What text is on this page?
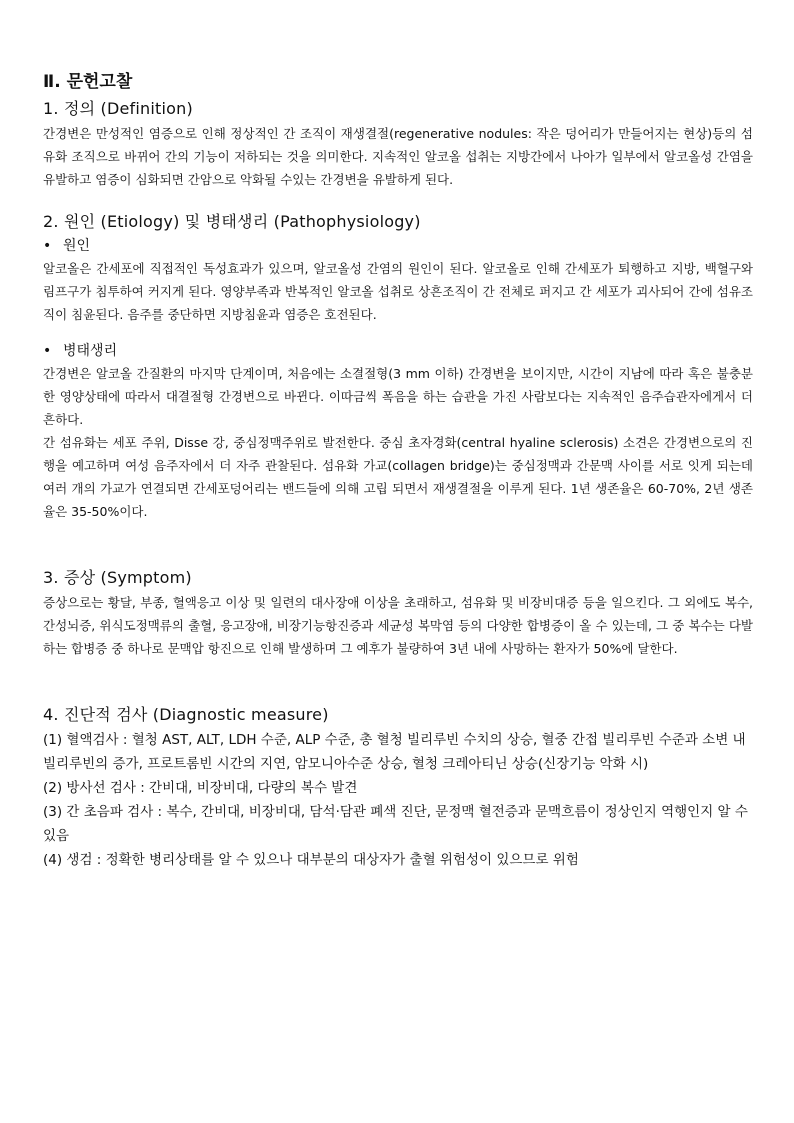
Ⅱ. 문헌고찰
1. 정의 (Definition)

간경변은 만성적인 염증으로 인해 정상적인 간 조직이 재생결절(regenerative nodules: 작은 덩어리가 만들어지는 현상)등의 섬유화 조직으로 바뀌어 간의 기능이 저하되는 것을 의미한다. 지속적인 알코올 섭취는 지방간에서 나아가 일부에서 알코올성 간염을 유발하고 염증이 심화되면 간암으로 악화될 수있는 간경변을 유발하게 된다.

2. 원인 (Etiology) 및 병태생리 (Pathophysiology)
• 원인

알코올은 간세포에 직접적인 독성효과가 있으며, 알코올성 간염의 원인이 된다. 알코올로 인해 간세포가 퇴행하고 지방, 백혈구와 림프구가 침투하여 커지게 된다. 영양부족과 반복적인 알코올 섭취로 상흔조직이 간 전체로 퍼지고 간 세포가 괴사되어 간에 섬유조직이 침윤된다. 음주를 중단하면 지방침윤과 염증은 호전된다.

• 병태생리

간경변은 알코올 간질환의 마지막 단계이며, 처음에는 소결절형(3 mm 이하) 간경변을 보이지만, 시간이 지남에 따라 혹은 불충분한 영양상태에 따라서 대결절형 간경변으로 바뀐다. 이따금씩 폭음을 하는 습관을 가진 사람보다는 지속적인 음주습관자에게서 더 흔하다.

간 섬유화는 세포 주위, Disse 강, 중심정맥주위로 발전한다. 중심 초자경화(central hyaline sclerosis) 소견은 간경변으로의 진행을 예고하며 여성 음주자에서 더 자주 관찰된다. 섬유화 가교(collagen bridge)는 중심정맥과 간문맥 사이를 서로 잇게 되는데 여러 개의 가교가 연결되면 간세포덩어리는 밴드들에 의해 고립 되면서 재생결절을 이루게 된다. 1년 생존율은 60-70%, 2년 생존율은 35-50%이다.

3. 증상 (Symptom)

증상으로는 황달, 부종, 혈액응고 이상 및 일련의 대사장애 이상을 초래하고, 섬유화 및 비장비대증 등을 일으킨다. 그 외에도 복수, 간성뇌증, 위식도정맥류의 출혈, 응고장애, 비장기능항진증과 세균성 복막염 등의 다양한 합병증이 올 수 있는데, 그 중 복수는 다발하는 합병증 중 하나로 문맥압 항진으로 인해 발생하며 그 예후가 불량하여 3년 내에 사망하는 환자가 50%에 달한다.

4. 진단적 검사 (Diagnostic measure)

(1) 혈액검사 : 혈청 AST, ALT, LDH 수준, ALP 수준, 총 혈청 빌리루빈 수치의 상승, 혈중 간접 빌리루빈 수준과 소변 내 빌리루빈의 증가, 프로트롬빈 시간의 지연, 암모니아수준 상승, 혈청 크레아티닌 상승(신장기능 악화 시)

(2) 방사선 검사 : 간비대, 비장비대, 다량의 복수 발견

(3) 간 초음파 검사 : 복수, 간비대, 비장비대, 담석·담관 폐색 진단, 문정맥 혈전증과 문맥흐름이 정상인지 역행인지 알 수 있음

(4) 생검 : 정확한 병리상태를 알 수 있으나 대부분의 대상자가 출혈 위험성이 있으므로 위험
